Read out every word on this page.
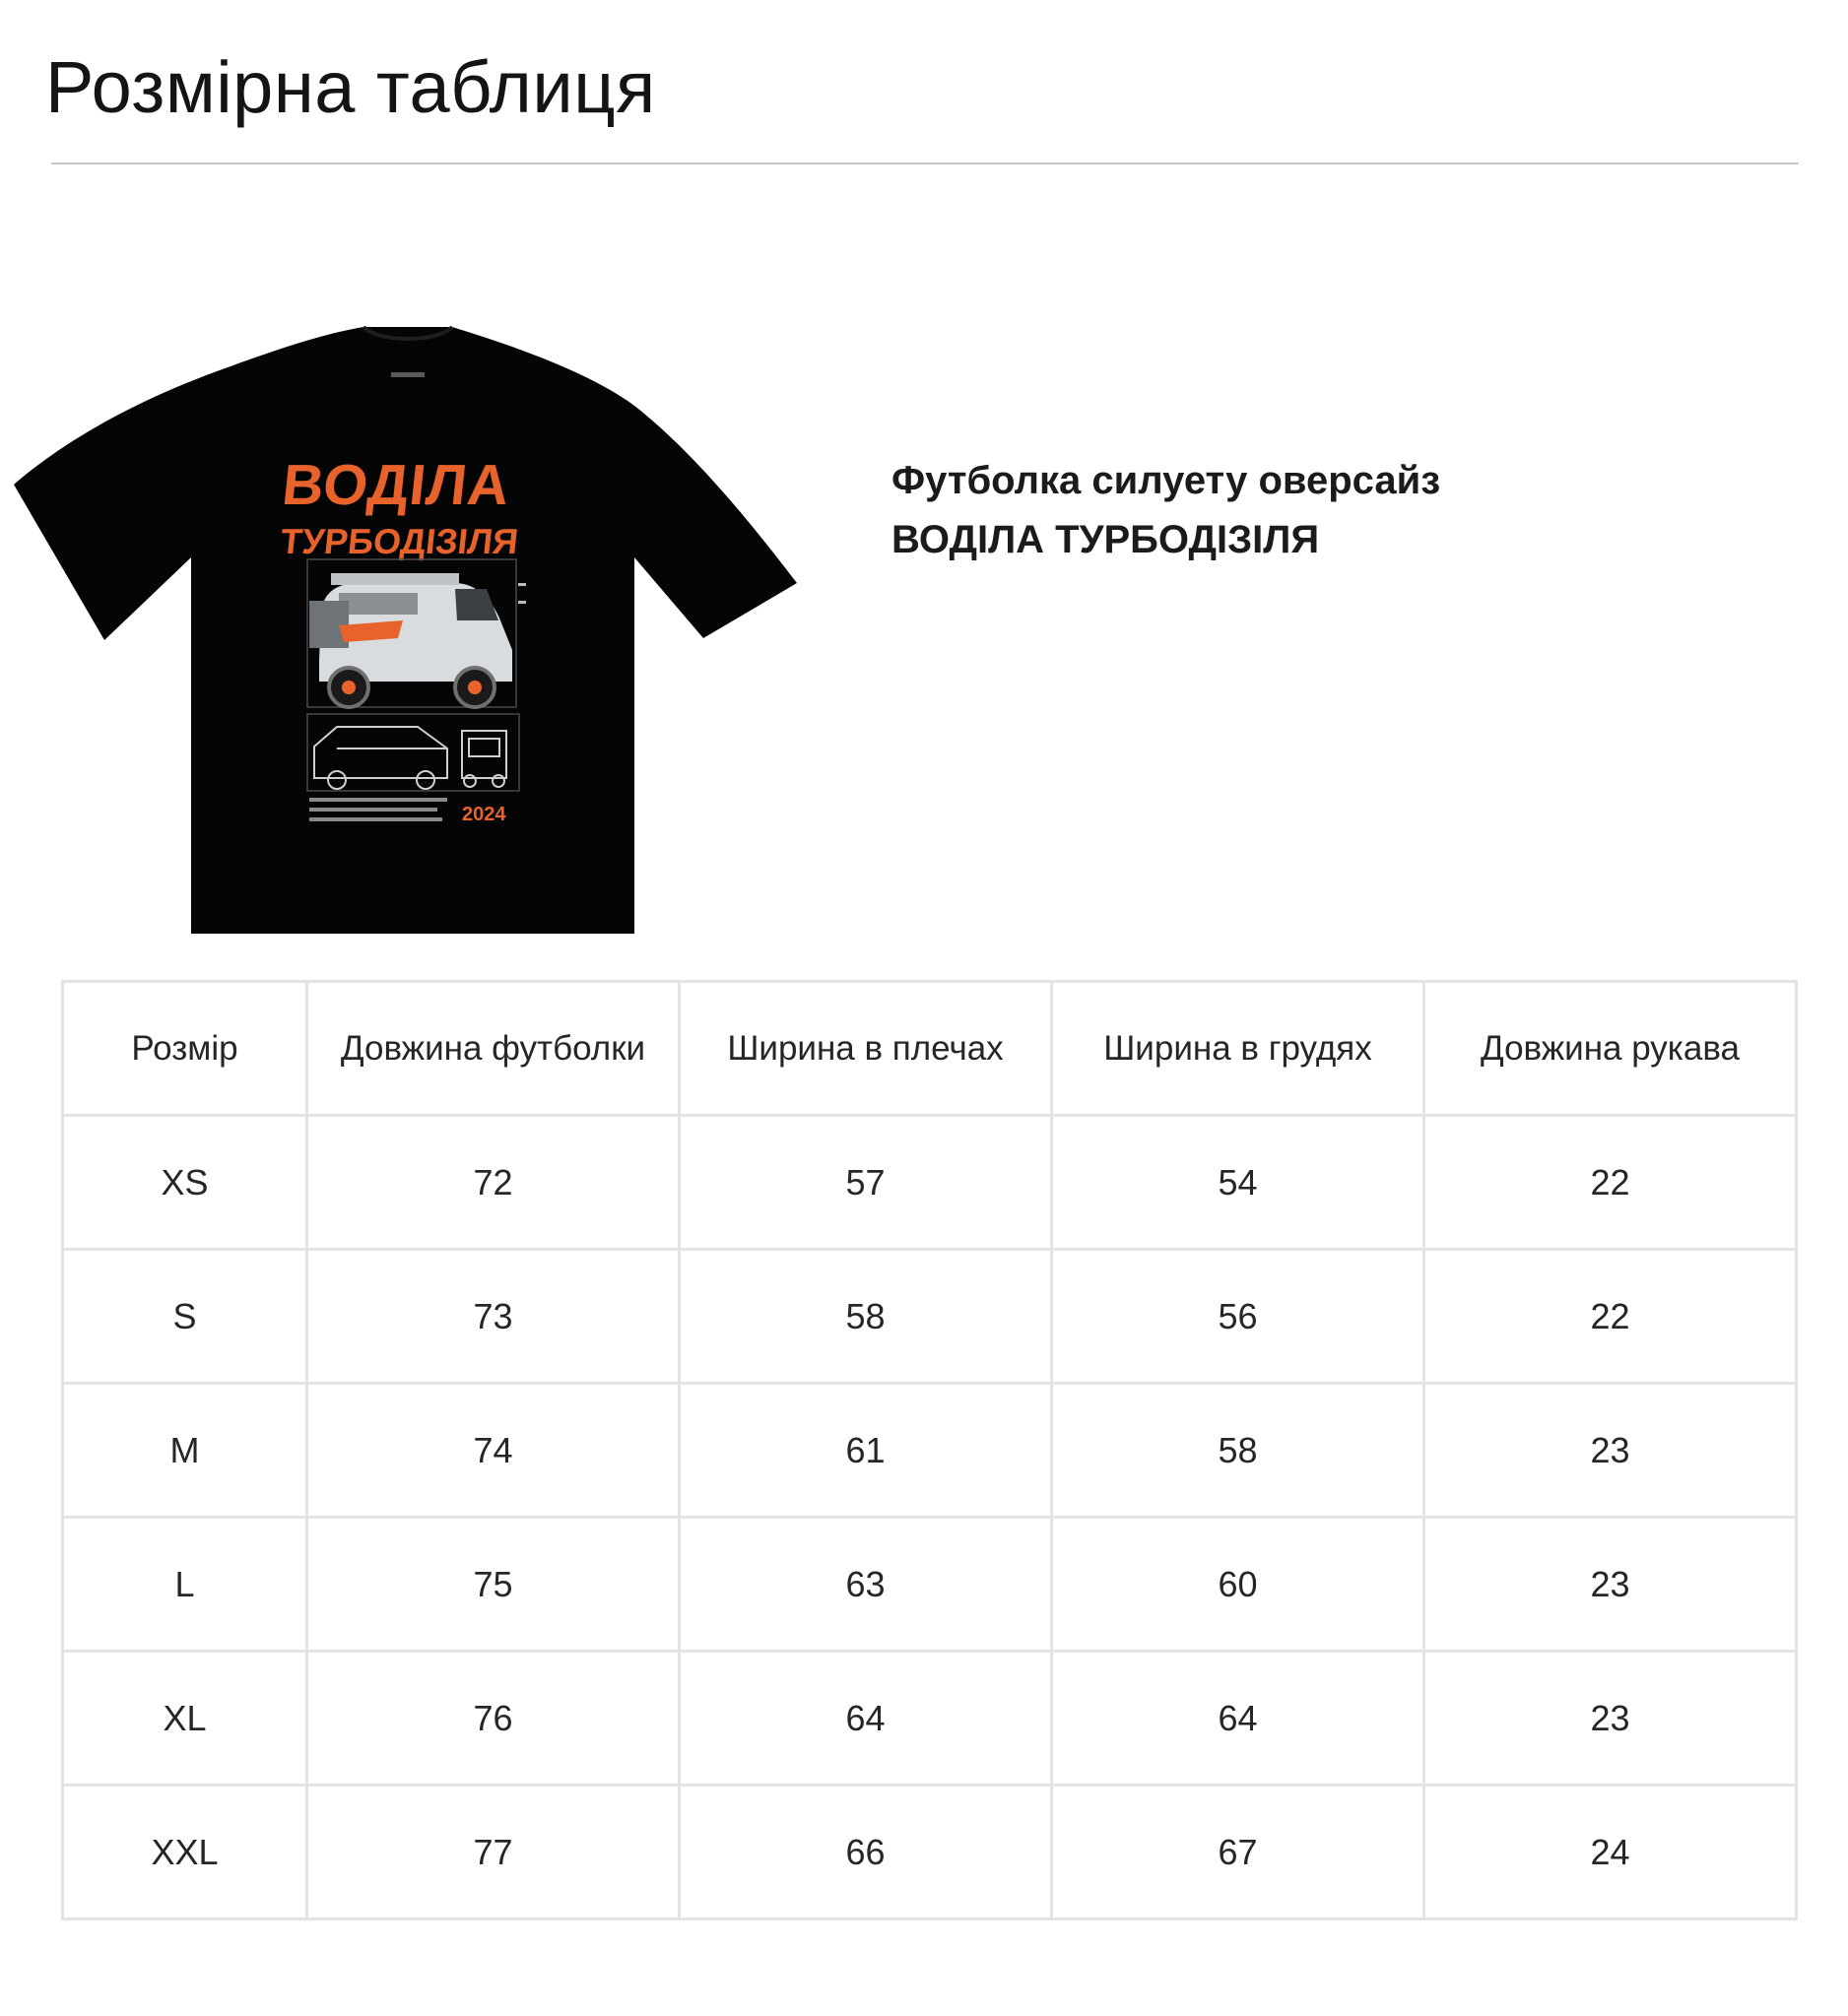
Розмірна таблиця
ВОДІЛА
ТУРБОДІЗІЛЯ
2024
Футболка силуету оверсайз
ВОДІЛА ТУРБОДІЗІЛЯ
Розмір	Довжина футболки	Ширина в плечах	Ширина в грудях	Довжина рукава
XS	72	57	54	22
S	73	58	56	22
M	74	61	58	23
L	75	63	60	23
XL	76	64	64	23
XXL	77	66	67	24
